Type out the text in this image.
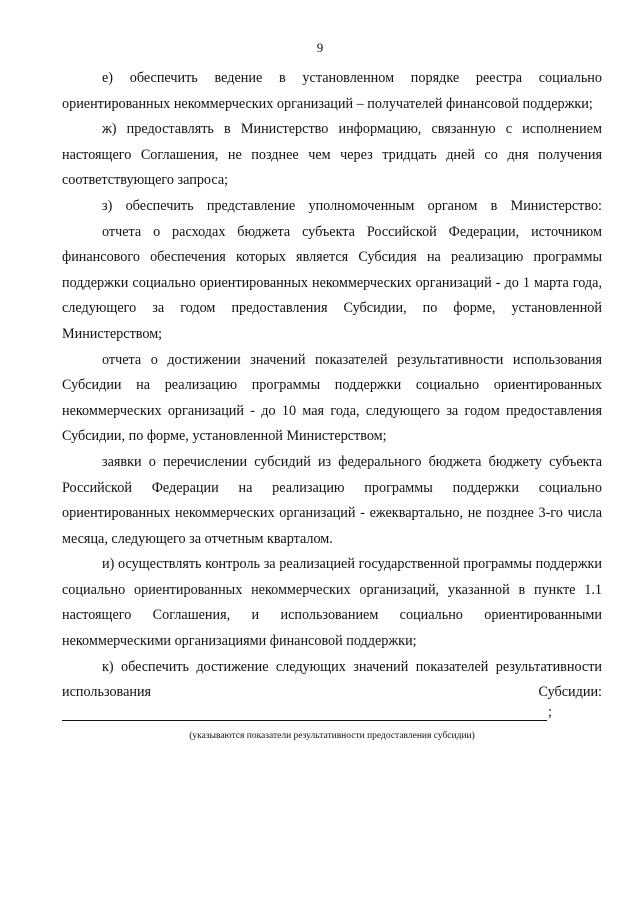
9

е) обеспечить ведение в установленном порядке реестра социально ориентированных некоммерческих организаций – получателей финансовой поддержки;

ж) предоставлять в Министерство информацию, связанную с исполнением настоящего Соглашения, не позднее чем через тридцать дней со дня получения соответствующего запроса;

з) обеспечить представление уполномоченным органом в Министерство:

отчета о расходах бюджета субъекта Российской Федерации, источником финансового обеспечения которых является Субсидия на реализацию программы поддержки социально ориентированных некоммерческих организаций - до 1 марта года, следующего за годом предоставления Субсидии, по форме, установленной Министерством;

отчета о достижении значений показателей результативности использования Субсидии на реализацию программы поддержки социально ориентированных некоммерческих организаций - до 10 мая года, следующего за годом предоставления Субсидии, по форме, установленной Министерством;

заявки о перечислении субсидий из федерального бюджета бюджету субъекта Российской Федерации на реализацию программы поддержки социально ориентированных некоммерческих организаций - ежеквартально, не позднее 3-го числа месяца, следующего за отчетным кварталом.

и) осуществлять контроль за реализацией государственной программы поддержки социально ориентированных некоммерческих организаций, указанной в пункте 1.1 настоящего Соглашения, и использованием социально ориентированными некоммерческими организациями финансовой поддержки;

к) обеспечить достижение следующих значений показателей результативности использования Субсидии:

;
(указываются показатели результативности предоставления субсидии)
